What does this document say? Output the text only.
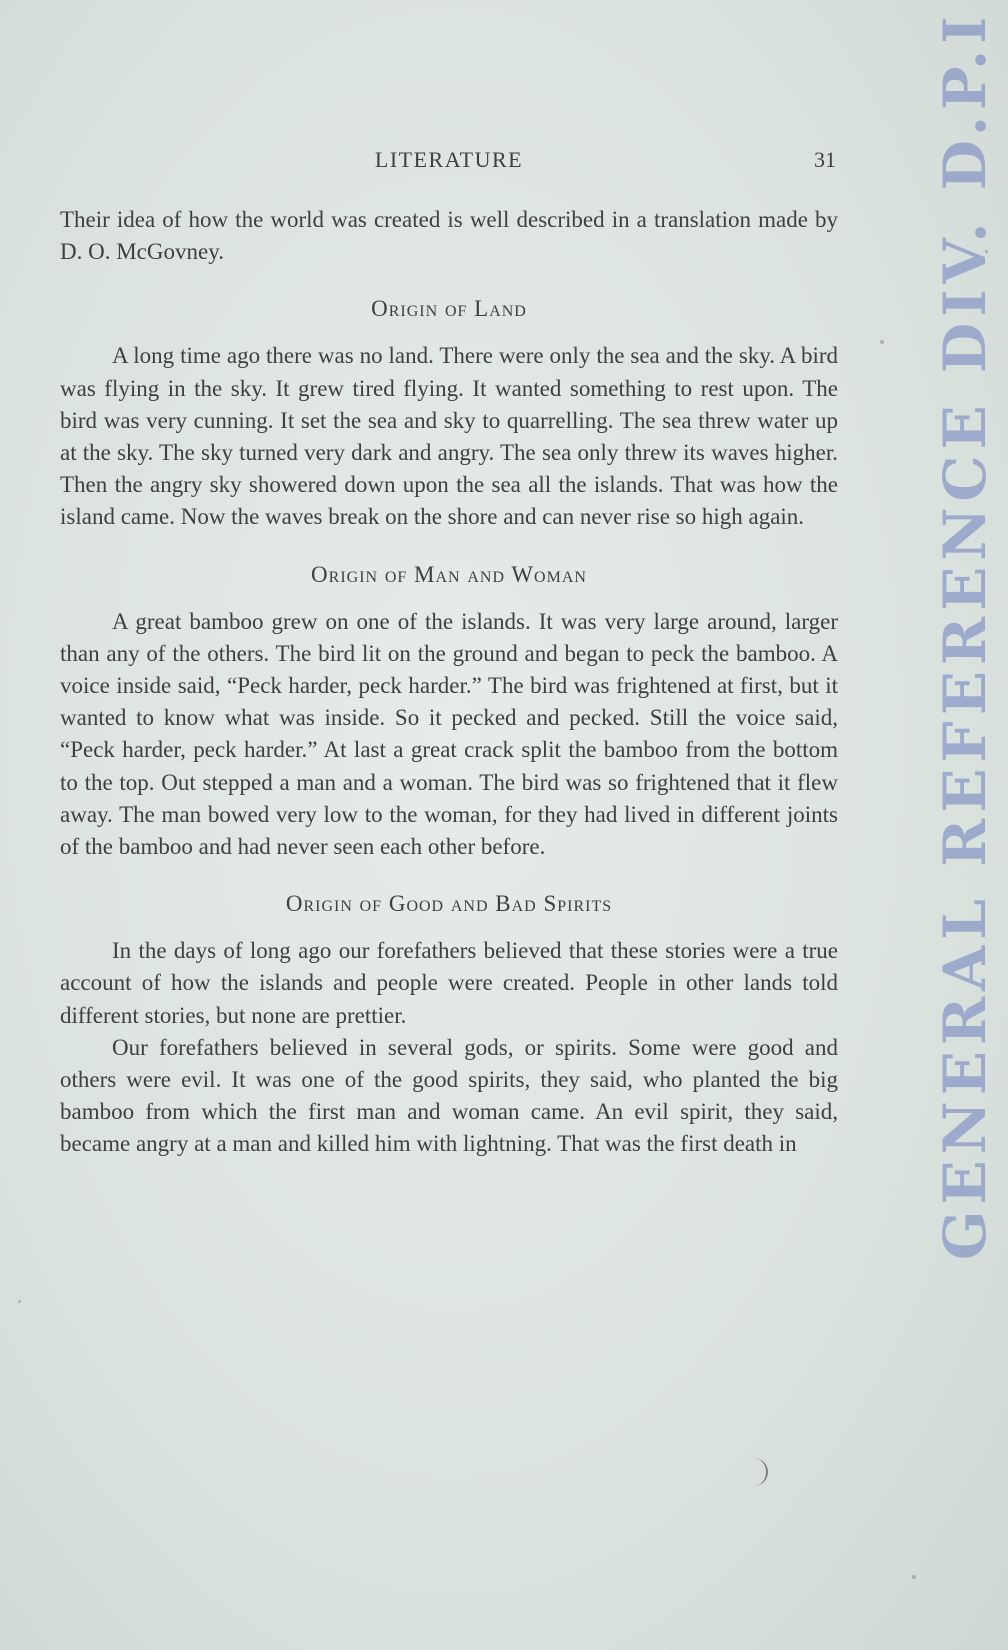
LITERATURE	31

Their idea of how the world was created is well described in a translation made by D. O. McGovney.

Origin of Land

A long time ago there was no land. There were only the sea and the sky. A bird was flying in the sky. It grew tired flying. It wanted something to rest upon. The bird was very cunning. It set the sea and sky to quarrelling. The sea threw water up at the sky. The sky turned very dark and angry. The sea only threw its waves higher. Then the angry sky showered down upon the sea all the islands. That was how the island came. Now the waves break on the shore and can never rise so high again.

Origin of Man and Woman

A great bamboo grew on one of the islands. It was very large around, larger than any of the others. The bird lit on the ground and began to peck the bamboo. A voice inside said, “Peck harder, peck harder.” The bird was frightened at first, but it wanted to know what was inside. So it pecked and pecked. Still the voice said, “Peck harder, peck harder.” At last a great crack split the bamboo from the bottom to the top. Out stepped a man and a woman. The bird was so frightened that it flew away. The man bowed very low to the woman, for they had lived in different joints of the bamboo and had never seen each other before.

Origin of Good and Bad Spirits

In the days of long ago our forefathers believed that these stories were a true account of how the islands and people were created. People in other lands told different stories, but none are prettier.

Our forefathers believed in several gods, or spirits. Some were good and others were evil. It was one of the good spirits, they said, who planted the big bamboo from which the first man and woman came. An evil spirit, they said, became angry at a man and killed him with lightning. That was the first death in	GENERAL REFERENCE DIV. D.P.I
